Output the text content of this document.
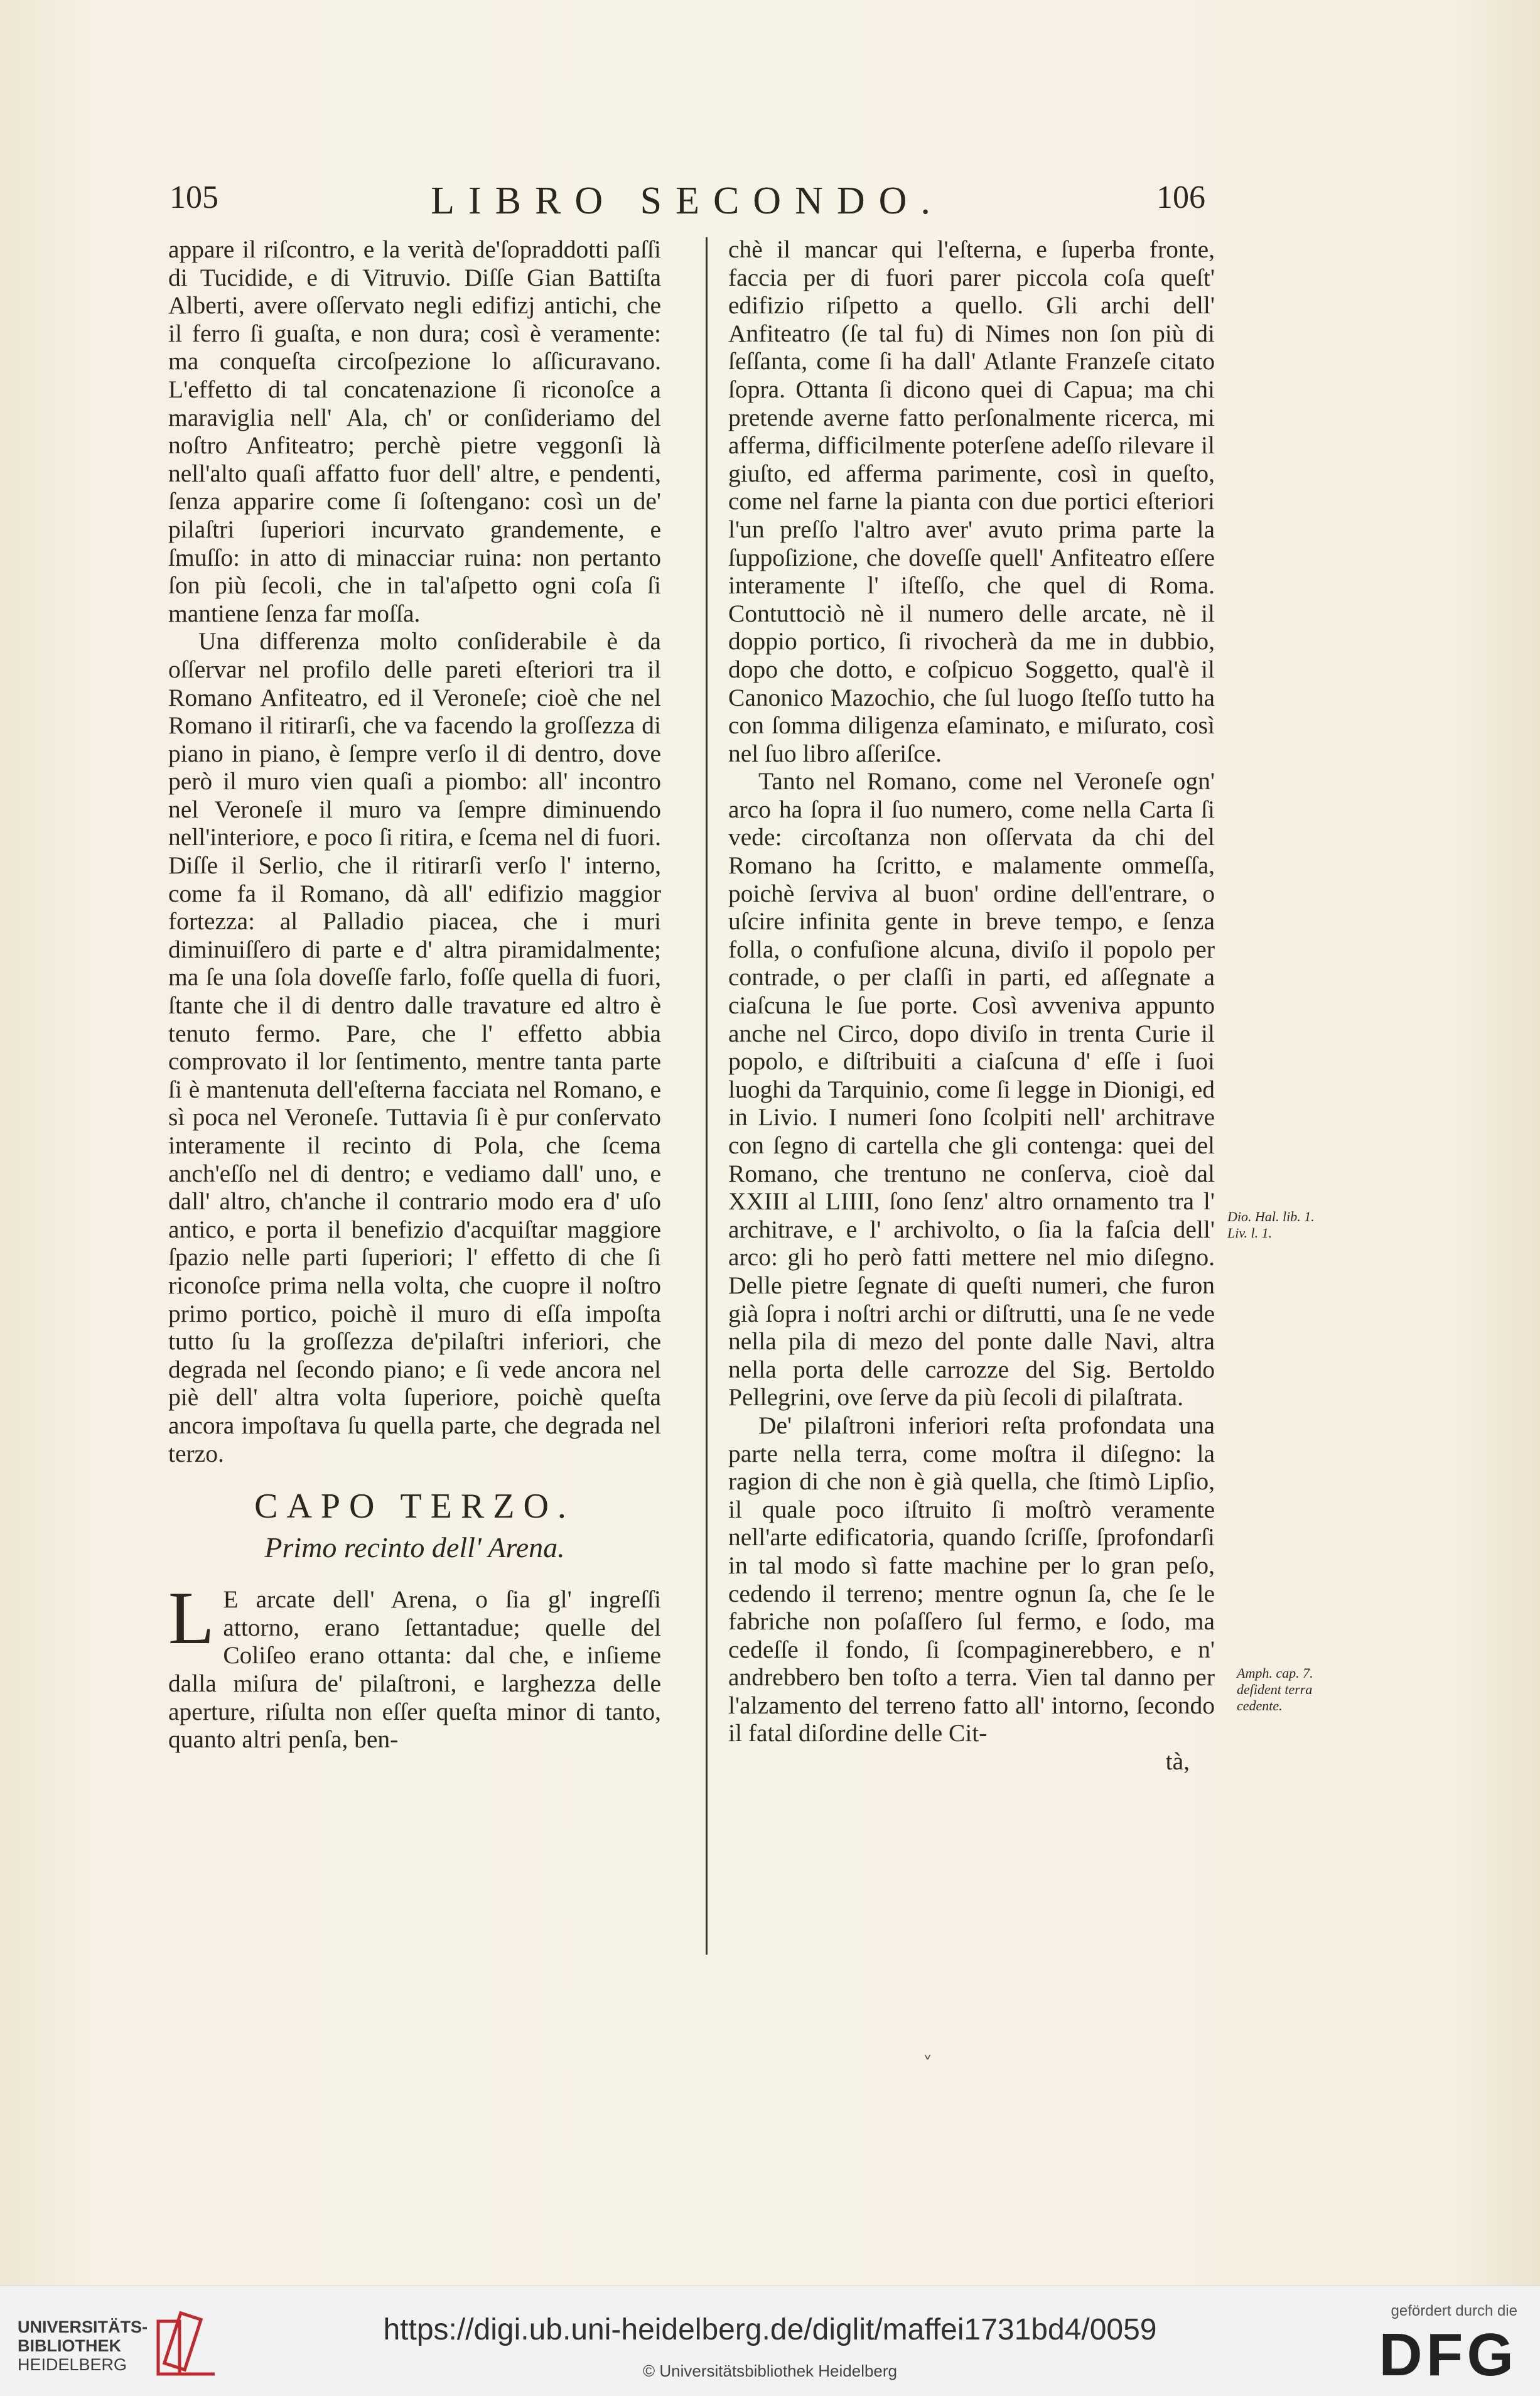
105	LIBRO SECONDO.	106

appare il riſcontro, e la verità de'ſopraddotti paſſi di Tucidide, e di Vitruvio. Diſſe Gian Battiſta Alberti, avere oſſervato negli edifizj antichi, che il ferro ſi guaſta, e non dura; così è veramente: ma conqueſta circoſpezione lo aſſicuravano. L'effetto di tal concatenazione ſi riconoſce a maraviglia nell' Ala, ch' or conſideriamo del noſtro Anfiteatro; perchè pietre veggonſi là nell'alto quaſi affatto fuor dell' altre, e pendenti, ſenza apparire come ſi ſoſtengano: così un de' pilaſtri ſuperiori incurvato grandemente, e ſmuſſo: in atto di minacciar ruina: non pertanto ſon più ſecoli, che in tal'aſpetto ogni coſa ſi mantiene ſenza far moſſa.

Una differenza molto conſiderabile è da oſſervar nel profilo delle pareti eſteriori tra il Romano Anfiteatro, ed il Veroneſe; cioè che nel Romano il ritirarſi, che va facendo la groſſezza di piano in piano, è ſempre verſo il di dentro, dove però il muro vien quaſi a piombo: all' incontro nel Veroneſe il muro va ſempre diminuendo nell'interiore, e poco ſi ritira, e ſcema nel di fuori. Diſſe il Serlio, che il ritirarſi verſo l' interno, come fa il Romano, dà all' edifizio maggior fortezza: al Palladio piacea, che i muri diminuiſſero di parte e d' altra piramidalmente; ma ſe una ſola doveſſe farlo, foſſe quella di fuori, ſtante che il di dentro dalle travature ed altro è tenuto fermo. Pare, che l' effetto abbia comprovato il lor ſentimento, mentre tanta parte ſi è mantenuta dell'eſterna facciata nel Romano, e sì poca nel Veroneſe. Tuttavia ſi è pur conſervato interamente il recinto di Pola, che ſcema anch'eſſo nel di dentro; e vediamo dall' uno, e dall' altro, ch'anche il contrario modo era d' uſo antico, e porta il benefizio d'acquiſtar maggiore ſpazio nelle parti ſuperiori; l' effetto di che ſi riconoſce prima nella volta, che cuopre il noſtro primo portico, poichè il muro di eſſa impoſta tutto ſu la groſſezza de'pilaſtri inferiori, che degrada nel ſecondo piano; e ſi vede ancora nel piè dell' altra volta ſuperiore, poichè queſta ancora impoſtava ſu quella parte, che degrada nel terzo.

CAPO TERZO.
Primo recinto dell' Arena.

L E arcate dell' Arena, o ſia gl' ingreſſi attorno, erano ſettantadue; quelle del Coliſeo erano ottanta: dal che, e inſieme dalla miſura de' pilaſtroni, e larghezza delle aperture, riſulta non eſſer queſta minor di tanto, quanto altri penſa, ben-

chè il mancar qui l'eſterna, e ſuperba fronte, faccia per di fuori parer piccola coſa queſt' edifizio riſpetto a quello. Gli archi dell' Anfiteatro (ſe tal fu) di Nimes non ſon più di ſeſſanta, come ſi ha dall' Atlante Franzeſe citato ſopra. Ottanta ſi dicono quei di Capua; ma chi pretende averne fatto perſonalmente ricerca, mi afferma, difficilmente poterſene adeſſo rilevare il giuſto, ed afferma parimente, così in queſto, come nel farne la pianta con due portici eſteriori l'un preſſo l'altro aver' avuto prima parte la ſuppoſizione, che doveſſe quell' Anfiteatro eſſere interamente l' iſteſſo, che quel di Roma. Contuttociò nè il numero delle arcate, nè il doppio portico, ſi rivocherà da me in dubbio, dopo che dotto, e coſpicuo Soggetto, qual'è il Canonico Mazochio, che ſul luogo ſteſſo tutto ha con ſomma diligenza eſaminato, e miſurato, così nel ſuo libro aſſeriſce.

Tanto nel Romano, come nel Veroneſe ogn' arco ha ſopra il ſuo numero, come nella Carta ſi vede: circoſtanza non oſſervata da chi del Romano ha ſcritto, e malamente ommeſſa, poichè ſerviva al buon' ordine dell'entrare, o uſcire infinita gente in breve tempo, e ſenza folla, o confuſione alcuna, diviſo il popolo per contrade, o per claſſi in parti, ed aſſegnate a ciaſcuna le ſue porte. Così avveniva appunto anche nel Circo, dopo diviſo in trenta Curie il popolo, e diſtribuiti a ciaſcuna d' eſſe i ſuoi luoghi da Tarquinio, come ſi legge in Dionigi, ed in Livio. I numeri ſono ſcolpiti nell' architrave con ſegno di cartella che gli contenga: quei del Romano, che trentuno ne conſerva, cioè dal XXIII al LIIII, ſono ſenz' altro ornamento tra l' architrave, e l' archivolto, o ſia la faſcia dell' arco: gli ho però fatti mettere nel mio diſegno. Delle pietre ſegnate di queſti numeri, che furon già ſopra i noſtri archi or diſtrutti, una ſe ne vede nella pila di mezo del ponte dalle Navi, altra nella porta delle carrozze del Sig. Bertoldo Pellegrini, ove ſerve da più ſecoli di pilaſtrata.

De' pilaſtroni inferiori reſta profondata una parte nella terra, come moſtra il diſegno: la ragion di che non è già quella, che ſtimò Lipſio, il quale poco iſtruito ſi moſtrò veramente nell'arte edificatoria, quando ſcriſſe, ſprofondarſi in tal modo sì fatte machine per lo gran peſo, cedendo il terreno; mentre ognun ſa, che ſe le fabriche non poſaſſero ſul fermo, e ſodo, ma cedeſſe il fondo, ſi ſcompaginerebbero, e n' andrebbero ben toſto a terra. Vien tal danno per l'alzamento del terreno fatto all' intorno, ſecondo il fatal diſordine delle Cit-

tà,
Dio. Hal. lib. 1. Liv. l. 1.
Amph. cap. 7. deſident terra cedente.
˅
UNIVERSITÄTS-
BIBLIOTHEK
HEIDELBERG
https://digi.ub.uni-heidelberg.de/diglit/maffei1731bd4/0059
© Universitätsbibliothek Heidelberg
gefördert durch die
DFG
